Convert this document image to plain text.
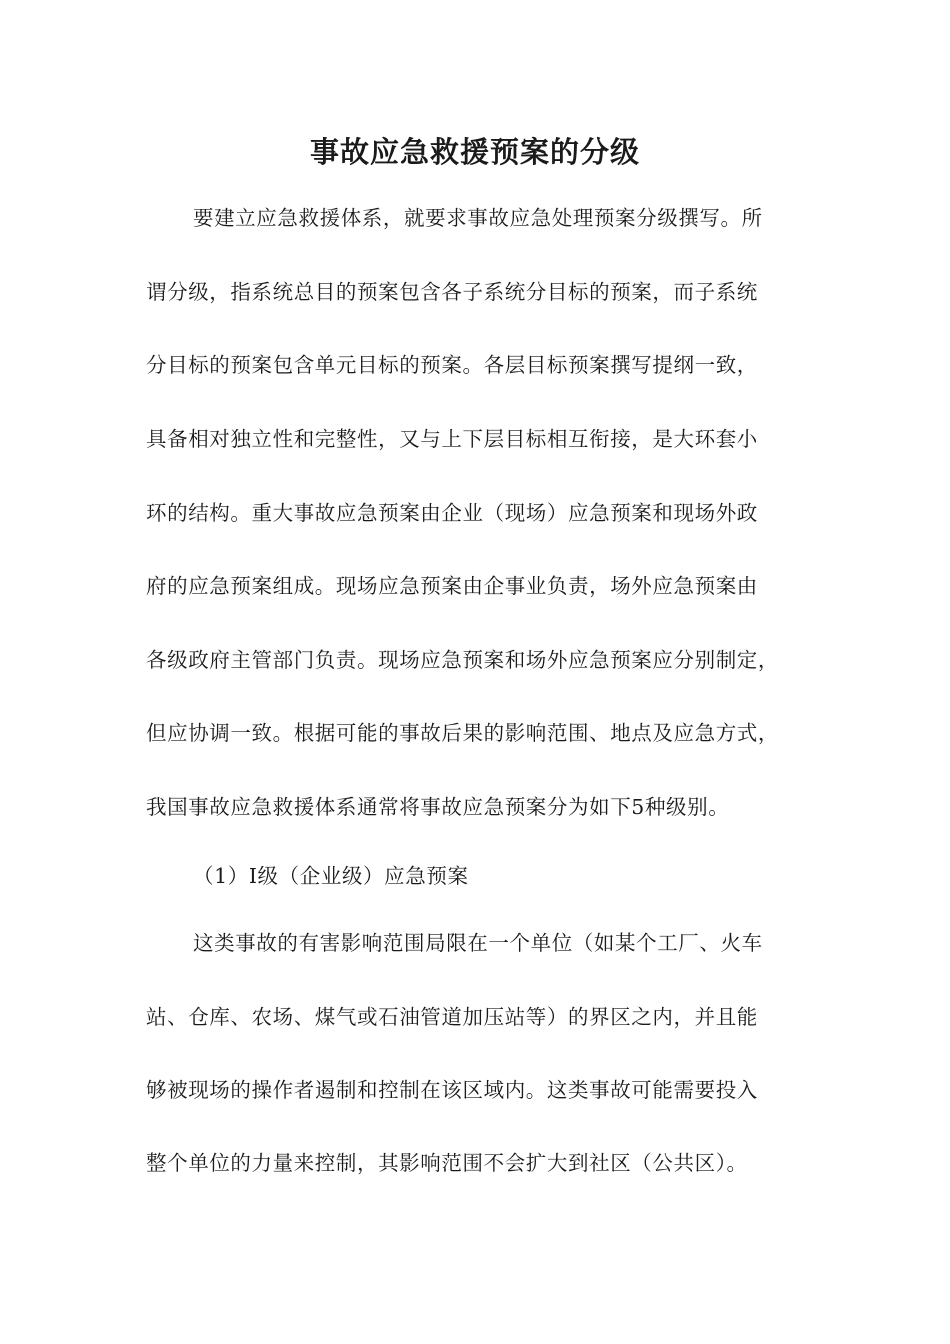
事故应急救援预案的分级
要建立应急救援体系，就要求事故应急处理预案分级撰写。所
谓分级，指系统总目的预案包含各子系统分目标的预案，而子系统
分目标的预案包含单元目标的预案。各层目标预案撰写提纲一致，
具备相对独立性和完整性，又与上下层目标相互衔接，是大环套小
环的结构。重大事故应急预案由企业（现场）应急预案和现场外政
府的应急预案组成。现场应急预案由企事业负责，场外应急预案由
各级政府主管部门负责。现场应急预案和场外应急预案应分别制定，
但应协调一致。根据可能的事故后果的影响范围、地点及应急方式，
我国事故应急救援体系通常将事故应急预案分为如下5种级别。
（1）Ⅰ级（企业级）应急预案
这类事故的有害影响范围局限在一个单位（如某个工厂、火车
站、仓库、农场、煤气或石油管道加压站等）的界区之内，并且能
够被现场的操作者遏制和控制在该区域内。这类事故可能需要投入
整个单位的力量来控制，其影响范围不会扩大到社区（公共区）。
